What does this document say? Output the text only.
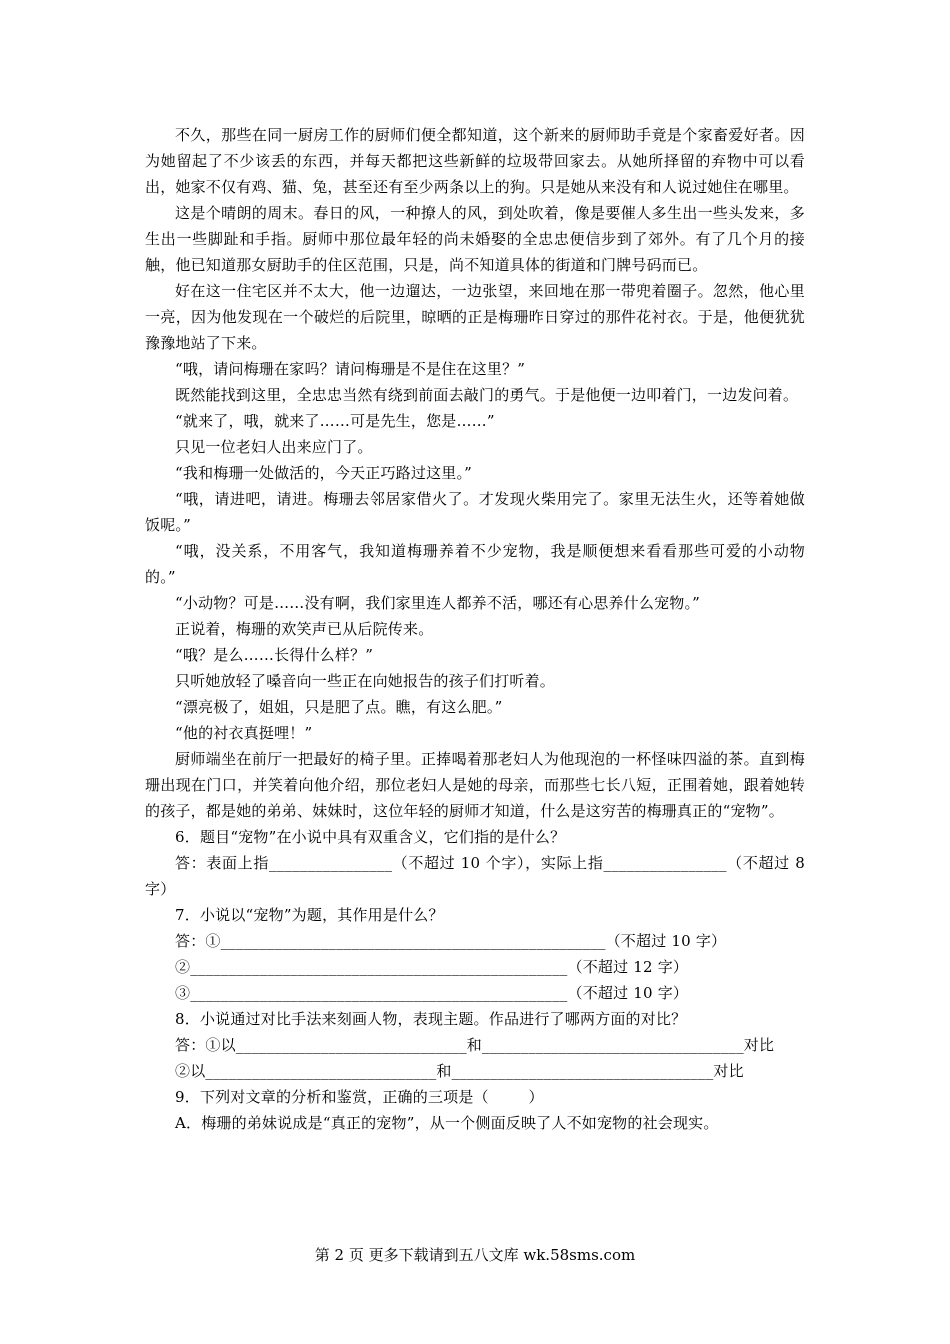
不久，那些在同一厨房工作的厨师们便全都知道，这个新来的厨师助手竟是个家畜爱好者。因为她留起了不少该丢的东西，并每天都把这些新鲜的垃圾带回家去。从她所择留的弃物中可以看出，她家不仅有鸡、猫、兔，甚至还有至少两条以上的狗。只是她从来没有和人说过她住在哪里。

这是个晴朗的周末。春日的风，一种撩人的风，到处吹着，像是要催人多生出一些头发来，多生出一些脚趾和手指。厨师中那位最年轻的尚未婚娶的全忠忠便信步到了郊外。有了几个月的接触，他已知道那女厨助手的住区范围，只是，尚不知道具体的街道和门牌号码而已。

好在这一住宅区并不太大，他一边遛达，一边张望，来回地在那一带兜着圈子。忽然，他心里一亮，因为他发现在一个破烂的后院里，晾晒的正是梅珊昨日穿过的那件花衬衣。于是，他便犹犹豫豫地站了下来。

“哦，请问梅珊在家吗？请问梅珊是不是住在这里？”

既然能找到这里，全忠忠当然有绕到前面去敲门的勇气。于是他便一边叩着门，一边发问着。

“就来了，哦，就来了……可是先生，您是……”

只见一位老妇人出来应门了。

“我和梅珊一处做活的，今天正巧路过这里。”

“哦，请进吧，请进。梅珊去邻居家借火了。才发现火柴用完了。家里无法生火，还等着她做饭呢。”

“哦，没关系，不用客气，我知道梅珊养着不少宠物，我是顺便想来看看那些可爱的小动物的。”

“小动物？可是……没有啊，我们家里连人都养不活，哪还有心思养什么宠物。”

正说着，梅珊的欢笑声已从后院传来。

“哦？是么……长得什么样？”

只听她放轻了嗓音向一些正在向她报告的孩子们打听着。

“漂亮极了，姐姐，只是肥了点。瞧，有这么肥。”

“他的衬衣真挺哩！”

厨师端坐在前厅一把最好的椅子里。正捧喝着那老妇人为他现泡的一杯怪味四溢的茶。直到梅珊出现在门口，并笑着向他介绍，那位老妇人是她的母亲，而那些七长八短，正围着她，跟着她转的孩子，都是她的弟弟、妹妹时，这位年轻的厨师才知道，什么是这穷苦的梅珊真正的“宠物”。

6．题目“宠物”在小说中具有双重含义，它们指的是什么？

答：表面上指________________（不超过 10 个字），实际上指________________（不超过 8 字）

7．小说以“宠物”为题，其作用是什么？

答：①__________________________________________________（不超过 10 字）

②_________________________________________________（不超过 12 字）

③_________________________________________________（不超过 10 字）

8．小说通过对比手法来刻画人物，表现主题。作品进行了哪两方面的对比？

答：①以______________________________和__________________________________对比

②以______________________________和__________________________________对比

9．下列对文章的分析和鉴赏，正确的三项是（        ）

A．梅珊的弟妹说成是“真正的宠物”，从一个侧面反映了人不如宠物的社会现实。

第 2 页 更多下载请到五八文库 wk.58sms.com
